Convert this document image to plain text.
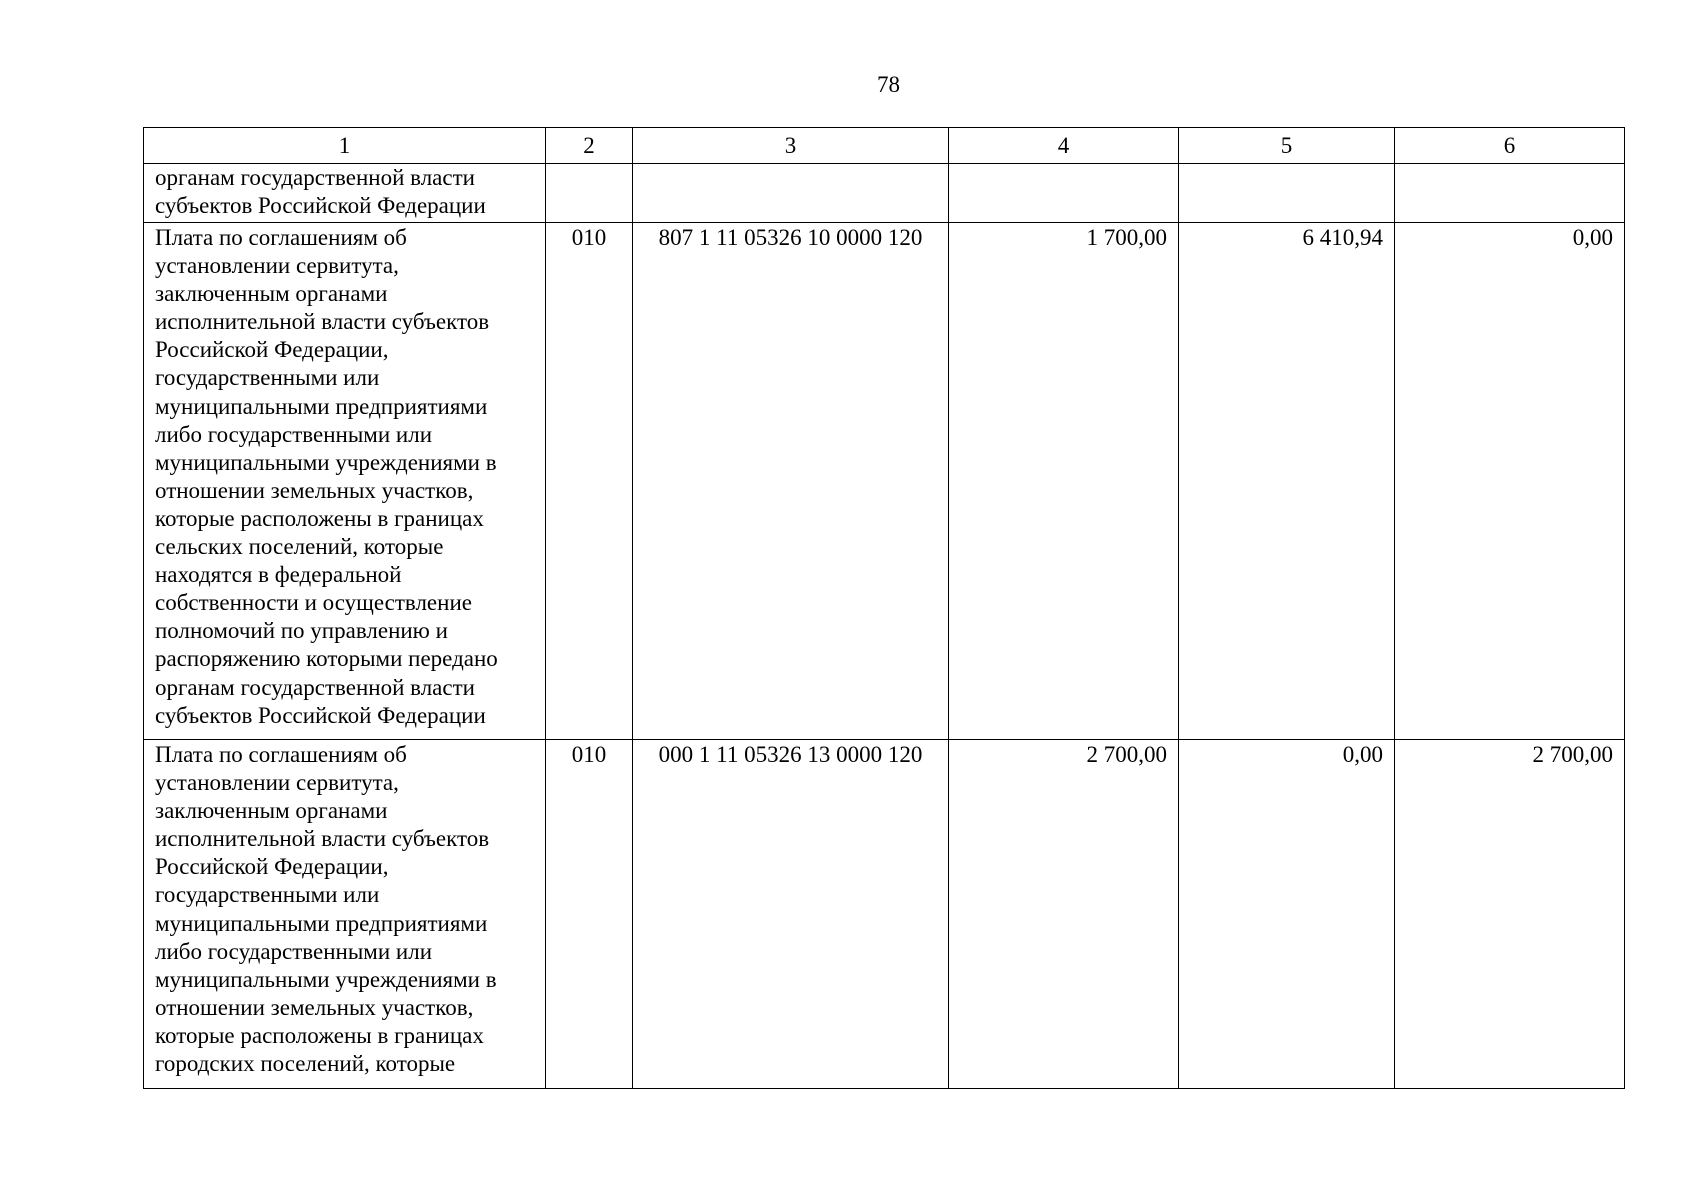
78
1	2	3	4	5	6
органам государственной власти субъектов Российской Федерации					

Плата по соглашениям об установлении сервитута, заключенным органами исполнительной власти субъектов Российской Федерации, государственными или муниципальными предприятиями либо государственными или муниципальными учреждениями в отношении земельных участков, которые расположены в границах сельских поселений, которые находятся в федеральной собственности и осуществление полномочий по управлению и распоряжению которыми передано органам государственной власти субъектов Российской Федерации	010	807 1 11 05326 10 0000 120	1 700,00	6 410,94	0,00

Плата по соглашениям об установлении сервитута, заключенным органами исполнительной власти субъектов Российской Федерации, государственными или муниципальными предприятиями либо государственными или муниципальными учреждениями в отношении земельных участков, которые расположены в границах городских поселений, которые	010	000 1 11 05326 13 0000 120	2 700,00	0,00	2 700,00
